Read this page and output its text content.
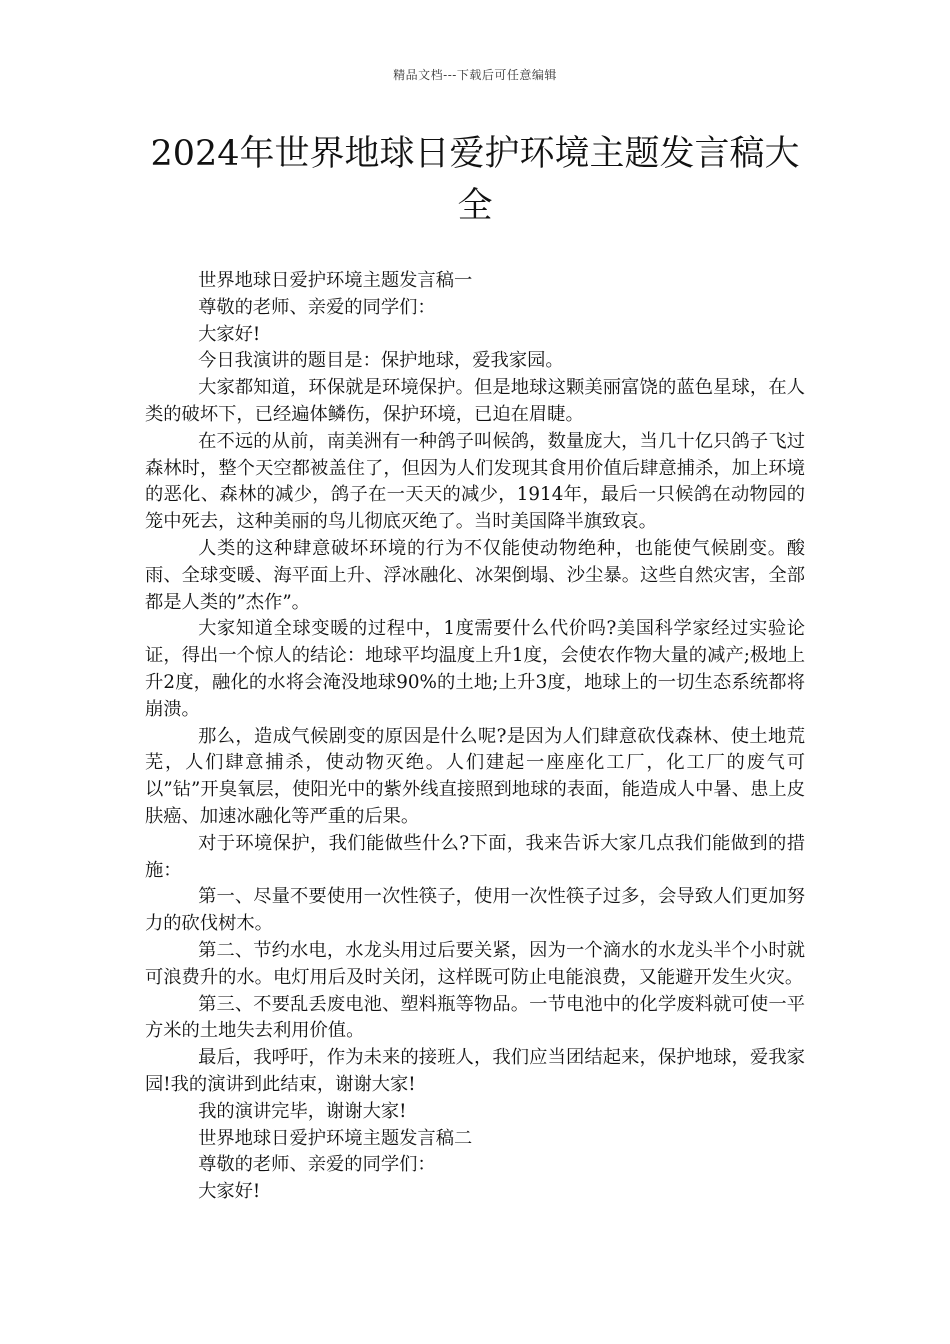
精品文档---下载后可任意编辑
2024年世界地球日爱护环境主题发言稿大全

世界地球日爱护环境主题发言稿一

尊敬的老师、亲爱的同学们：

大家好!

今日我演讲的题目是：保护地球，爱我家园。

大家都知道，环保就是环境保护。但是地球这颗美丽富饶的蓝色星球，在人类的破坏下，已经遍体鳞伤，保护环境，已迫在眉睫。

在不远的从前，南美洲有一种鸽子叫候鸽，数量庞大，当几十亿只鸽子飞过森林时，整个天空都被盖住了，但因为人们发现其食用价值后肆意捕杀，加上环境的恶化、森林的减少，鸽子在一天天的减少，1914年，最后一只候鸽在动物园的笼中死去，这种美丽的鸟儿彻底灭绝了。当时美国降半旗致哀。

人类的这种肆意破坏环境的行为不仅能使动物绝种，也能使气候剧变。酸雨、全球变暖、海平面上升、浮冰融化、冰架倒塌、沙尘暴。这些自然灾害，全部都是人类的”杰作”。

大家知道全球变暖的过程中，1度需要什么代价吗?美国科学家经过实验论证，得出一个惊人的结论：地球平均温度上升1度，会使农作物大量的减产;极地上升2度，融化的水将会淹没地球90%的土地;上升3度，地球上的一切生态系统都将崩溃。

那么，造成气候剧变的原因是什么呢?是因为人们肆意砍伐森林、使土地荒芜，人们肆意捕杀，使动物灭绝。人们建起一座座化工厂，化工厂的废气可以”钻”开臭氧层，使阳光中的紫外线直接照到地球的表面，能造成人中暑、患上皮肤癌、加速冰融化等严重的后果。

对于环境保护，我们能做些什么?下面，我来告诉大家几点我们能做到的措施：

第一、尽量不要使用一次性筷子，使用一次性筷子过多，会导致人们更加努力的砍伐树木。

第二、节约水电，水龙头用过后要关紧，因为一个滴水的水龙头半个小时就可浪费升的水。电灯用后及时关闭，这样既可防止电能浪费，又能避开发生火灾。

第三、不要乱丢废电池、塑料瓶等物品。一节电池中的化学废料就可使一平方米的土地失去利用价值。

最后，我呼吁，作为未来的接班人，我们应当团结起来，保护地球，爱我家园!我的演讲到此结束，谢谢大家!

我的演讲完毕，谢谢大家!

世界地球日爱护环境主题发言稿二

尊敬的老师、亲爱的同学们：

大家好!
